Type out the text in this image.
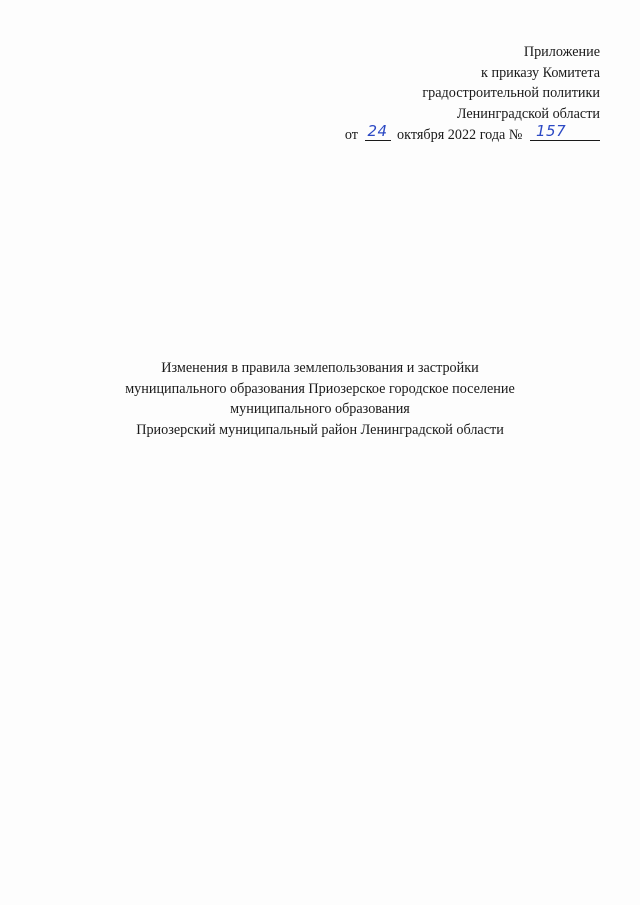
Приложение
к приказу Комитета
градостроительной политики
Ленинградской области
от 24 октября 2022 года № 157
Изменения в правила землепользования и застройки
муниципального образования Приозерское городское поселение
муниципального образования
Приозерский муниципальный район Ленинградской области
